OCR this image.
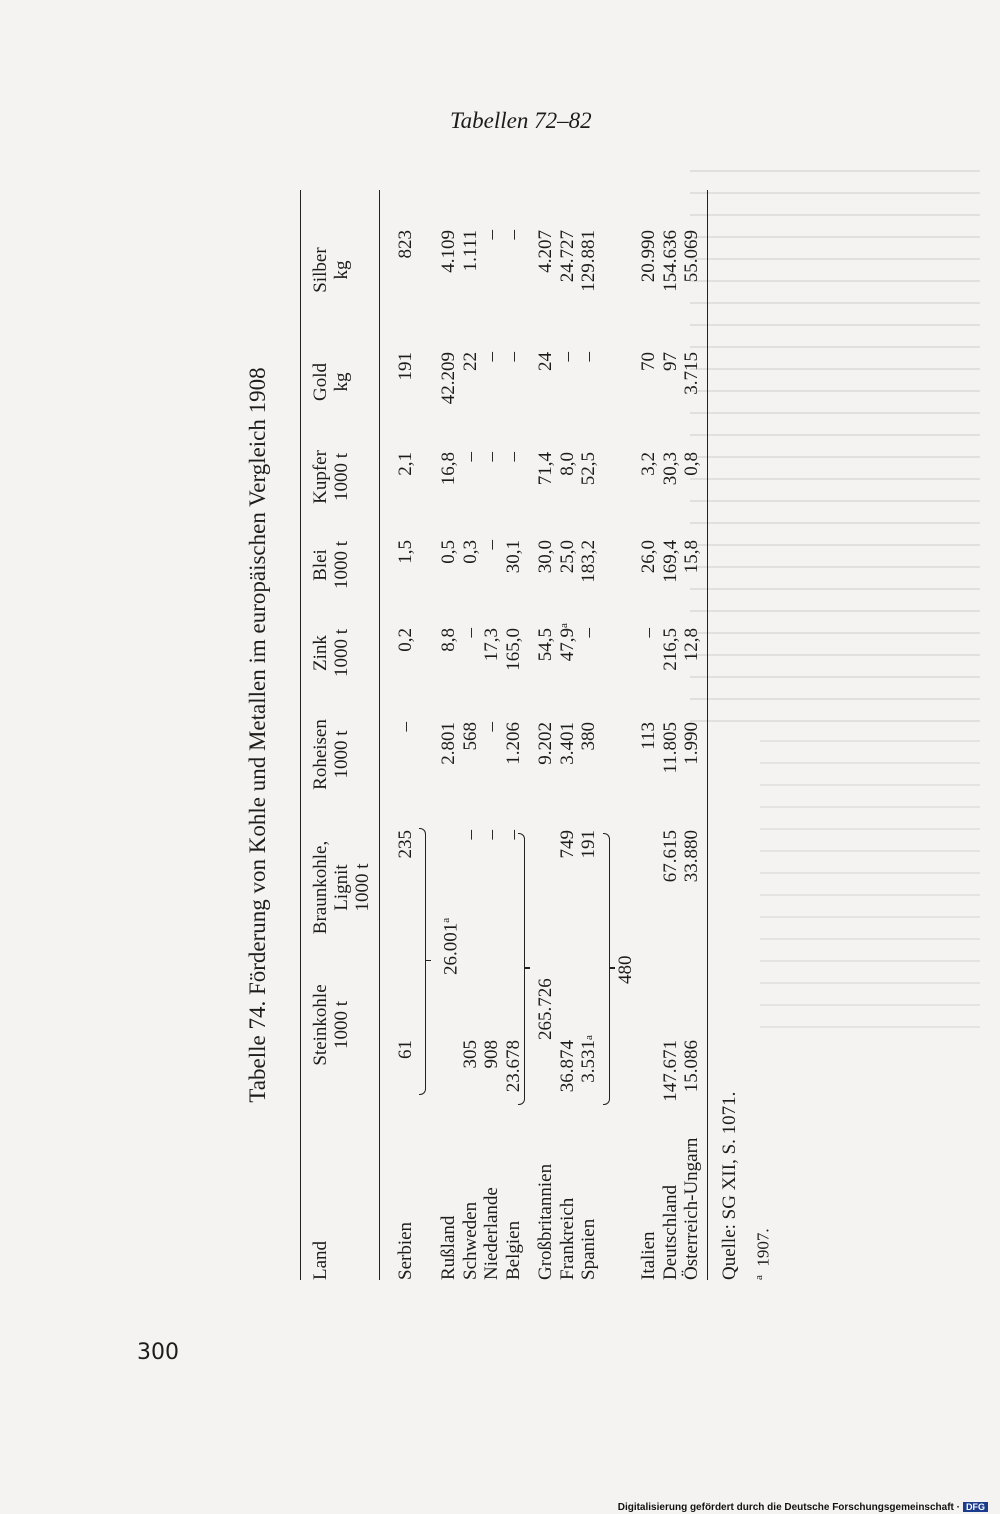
Tabellen 72–82
Tabelle 74. Förderung von Kohle und Metallen im europäischen Vergleich 1908
Land
Steinkohle
1000 t
Braunkohle,
Lignit
1000 t
Roheisen
1000 t
Zink
1000 t
Blei
1000 t
Kupfer
1000 t
Gold
kg
Silber
kg
Serbien
61
235
–
0,2
1,5
2,1
191
823
Rußland
Schweden
Niederlande
Belgien
26.001$^a$

305
908
23.678

–
–
–
2.801
568
–
1.206
8,8
–
17,3
165,0
0,5
0,3
–
30,1
16,8
–
–
–
42.209
22
–
–
4.109
1.111
–
–
Großbritannien
Frankreich
Spanien
265.726

36.874
3.531
$^a$

749
191
9.202
3.401
380
54,5
47,9
–
$^a$
30,0
25,0
183,2
71,4
8,0
52,5
24
–
–
4.207
24.727
129.881
480
Italien
Deutschland
Österreich-Ungarn

147.671
15.086

67.615
33.880
113
11.805
1.990
–
216,5
12,8
26,0
169,4
15,8
3,2
30,3
0,8
70
97
3.715
20.990
154.636
55.069
Quelle: SG XII, S. 1071. $^a$  1907.
300
Digitalisierung gefördert durch die Deutsche Forschungsgemeinschaft · DFG
